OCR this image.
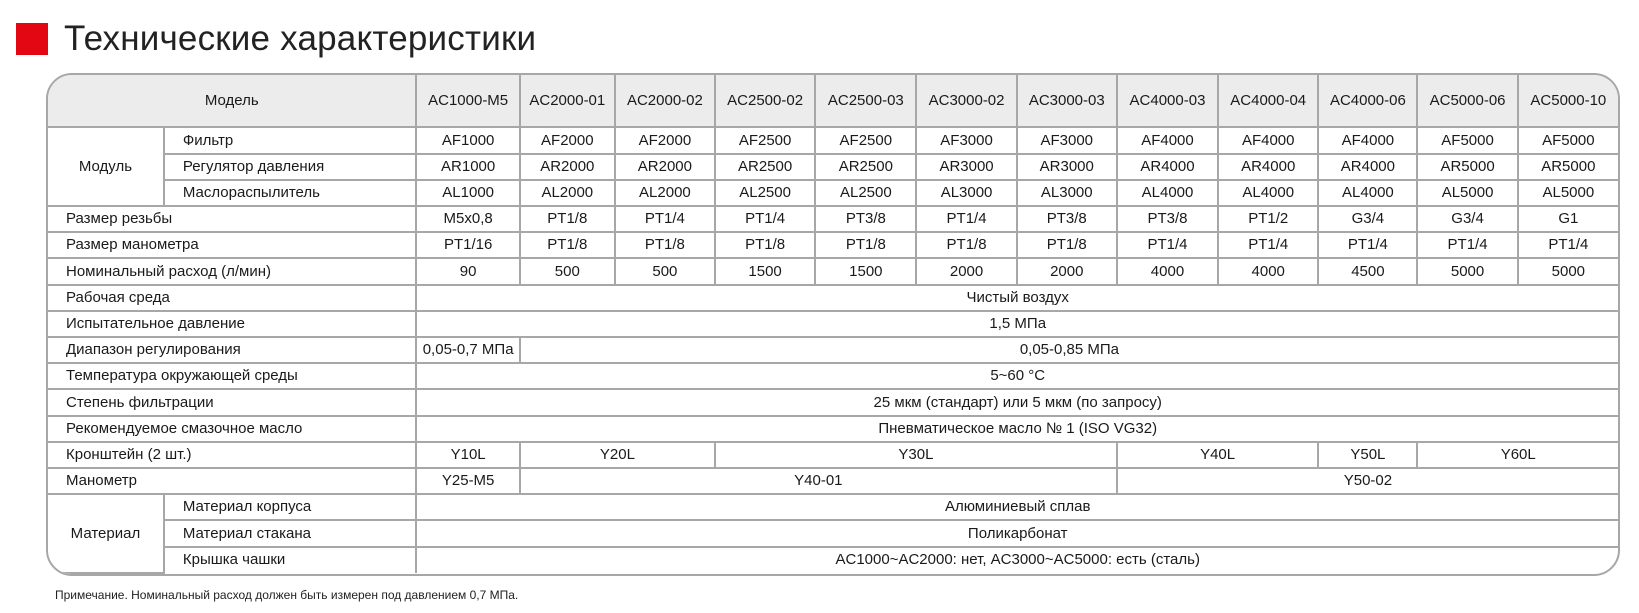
Технические характеристики
Модель		AC1000-M5	AC2000-01	AC2000-02	AC2500-02	AC2500-03	AC3000-02	AC3000-03	AC4000-03	AC4000-04	AC4000-06	AC5000-06	AC5000-10
Модуль	Фильтр	AF1000	AF2000	AF2000	AF2500	AF2500	AF3000	AF3000	AF4000	AF4000	AF4000	AF5000	AF5000
	Регулятор давления	AR1000	AR2000	AR2000	AR2500	AR2500	AR3000	AR3000	AR4000	AR4000	AR4000	AR5000	AR5000
	Маслораспылитель	AL1000	AL2000	AL2000	AL2500	AL2500	AL3000	AL3000	AL4000	AL4000	AL4000	AL5000	AL5000
Размер резьбы		M5x0,8	PT1/8	PT1/4	PT1/4	PT3/8	PT1/4	PT3/8	PT3/8	PT1/2	G3/4	G3/4	G1
Размер манометра		PT1/16	PT1/8	PT1/8	PT1/8	PT1/8	PT1/8	PT1/8	PT1/4	PT1/4	PT1/4	PT1/4	PT1/4
Номинальный расход (л/мин)		90	500	500	1500	1500	2000	2000	4000	4000	4500	5000	5000
Рабочая среда		Чистый воздух											
Испытательное давление		1,5 МПа											
Диапазон регулирования		0,05-0,7 МПа	0,05-0,85 МПа										
Температура окружающей среды		5~60 °C											
Степень фильтрации		25 мкм (стандарт) или 5 мкм (по запросу)											
Рекомендуемое смазочное масло		Пневматическое масло № 1 (ISO VG32)											
Кронштейн (2 шт.)		Y10L	Y20L		Y30L				Y40L		Y50L	Y60L	
Манометр		Y25-M5	Y40-01						Y50-02				
Материал	Материал корпуса	Алюминиевый сплав											
	Материал стакана	Поликарбонат											
	Крышка чашки	AC1000~AC2000: нет, AC3000~AC5000: есть (сталь)											
Примечание. Номинальный расход должен быть измерен под давлением 0,7 МПа.
